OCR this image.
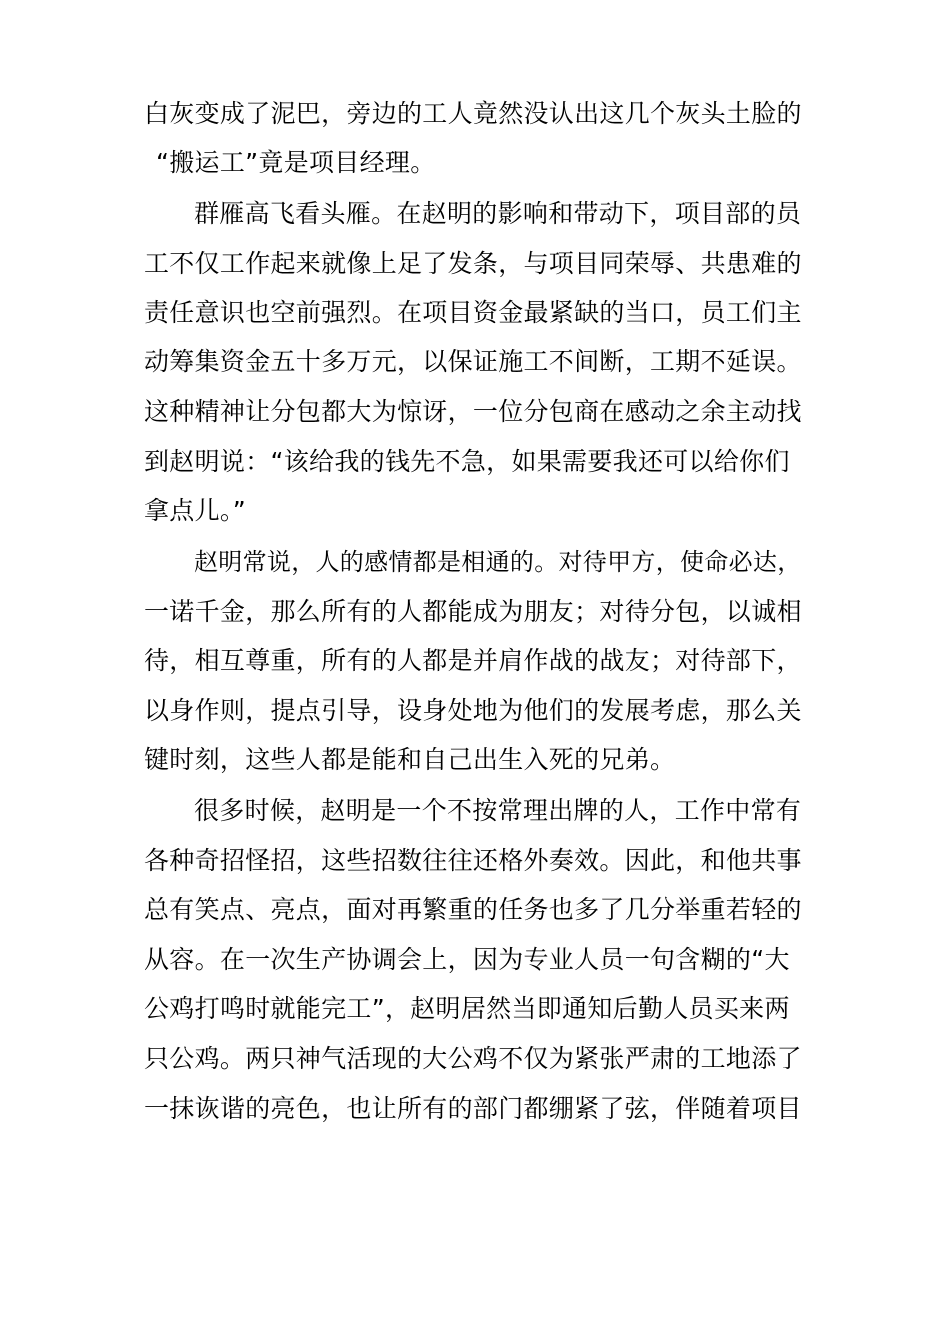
白灰变成了泥巴，旁边的工人竟然没认出这几个灰头土脸的
“搬运工”竟是项目经理。
群雁高飞看头雁。在赵明的影响和带动下，项目部的员
工不仅工作起来就像上足了发条，与项目同荣辱、共患难的
责任意识也空前强烈。在项目资金最紧缺的当口，员工们主
动筹集资金五十多万元，以保证施工不间断，工期不延误。
这种精神让分包都大为惊讶，一位分包商在感动之余主动找
到赵明说：“该给我的钱先不急，如果需要我还可以给你们
拿点儿。”
赵明常说，人的感情都是相通的。对待甲方，使命必达，
一诺千金，那么所有的人都能成为朋友；对待分包，以诚相
待，相互尊重，所有的人都是并肩作战的战友；对待部下，
以身作则，提点引导，设身处地为他们的发展考虑，那么关
键时刻，这些人都是能和自己出生入死的兄弟。
很多时候，赵明是一个不按常理出牌的人，工作中常有
各种奇招怪招，这些招数往往还格外奏效。因此，和他共事
总有笑点、亮点，面对再繁重的任务也多了几分举重若轻的
从容。在一次生产协调会上，因为专业人员一句含糊的“大
公鸡打鸣时就能完工”，赵明居然当即通知后勤人员买来两
只公鸡。两只神气活现的大公鸡不仅为紧张严肃的工地添了
一抹诙谐的亮色，也让所有的部门都绷紧了弦，伴随着项目
